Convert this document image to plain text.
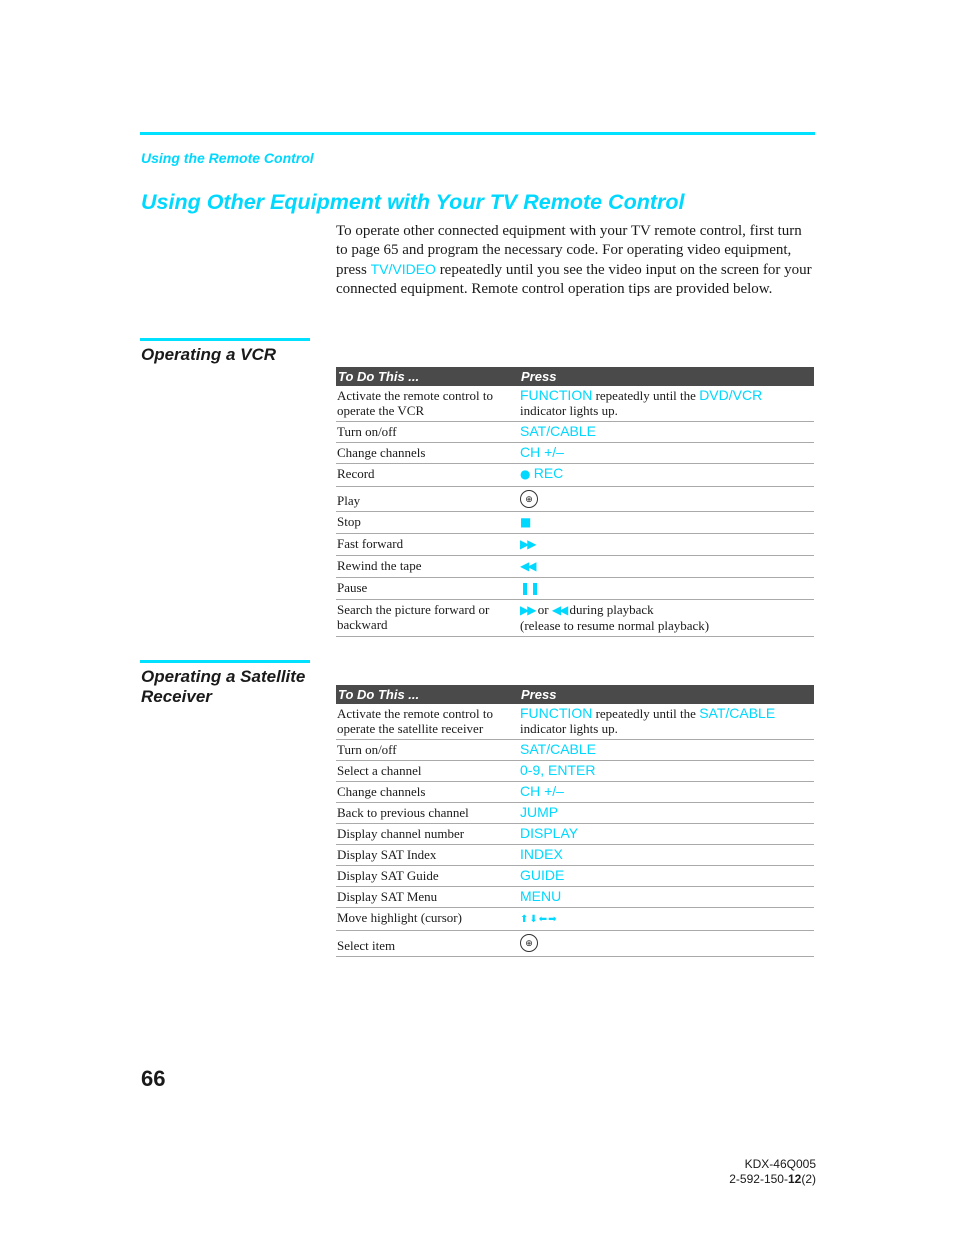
Using the Remote Control
Using Other Equipment with Your TV Remote Control

To operate other connected equipment with your TV remote control, first turn to page 65 and program the necessary code. For operating video equipment, press TV/VIDEO repeatedly until you see the video input on the screen for your connected equipment. Remote control operation tips are provided below.

Operating a VCR
To Do This ...	Press
Activate the remote control to operate the VCR	FUNCTION repeatedly until the DVD/VCR
indicator lights up.
Turn on/off	SAT/CABLE
Change channels	CH +/–
Record	● REC
Play	⊕
Stop	■
Fast forward	▶▶
Rewind the tape	◀◀
Pause	❚❚
Search the picture forward or backward	▶▶ or ◀◀ during playback
(release to resume normal playback)
Operating a Satellite Receiver	To Do This ...	Press
Activate the remote control to operate the satellite receiver	FUNCTION repeatedly until the SAT/CABLE
indicator lights up.
Turn on/off	SAT/CABLE
Select a channel	0-9, ENTER
Change channels	CH +/–
Back to previous channel	JUMP
Display channel number	DISPLAY
Display SAT Index	INDEX
Display SAT Guide	GUIDE
Display SAT Menu	MENU
Move highlight (cursor)	⬆⬇⬅➡
Select item	⊕
66
KDX-46Q005
2-592-150-12(2)
